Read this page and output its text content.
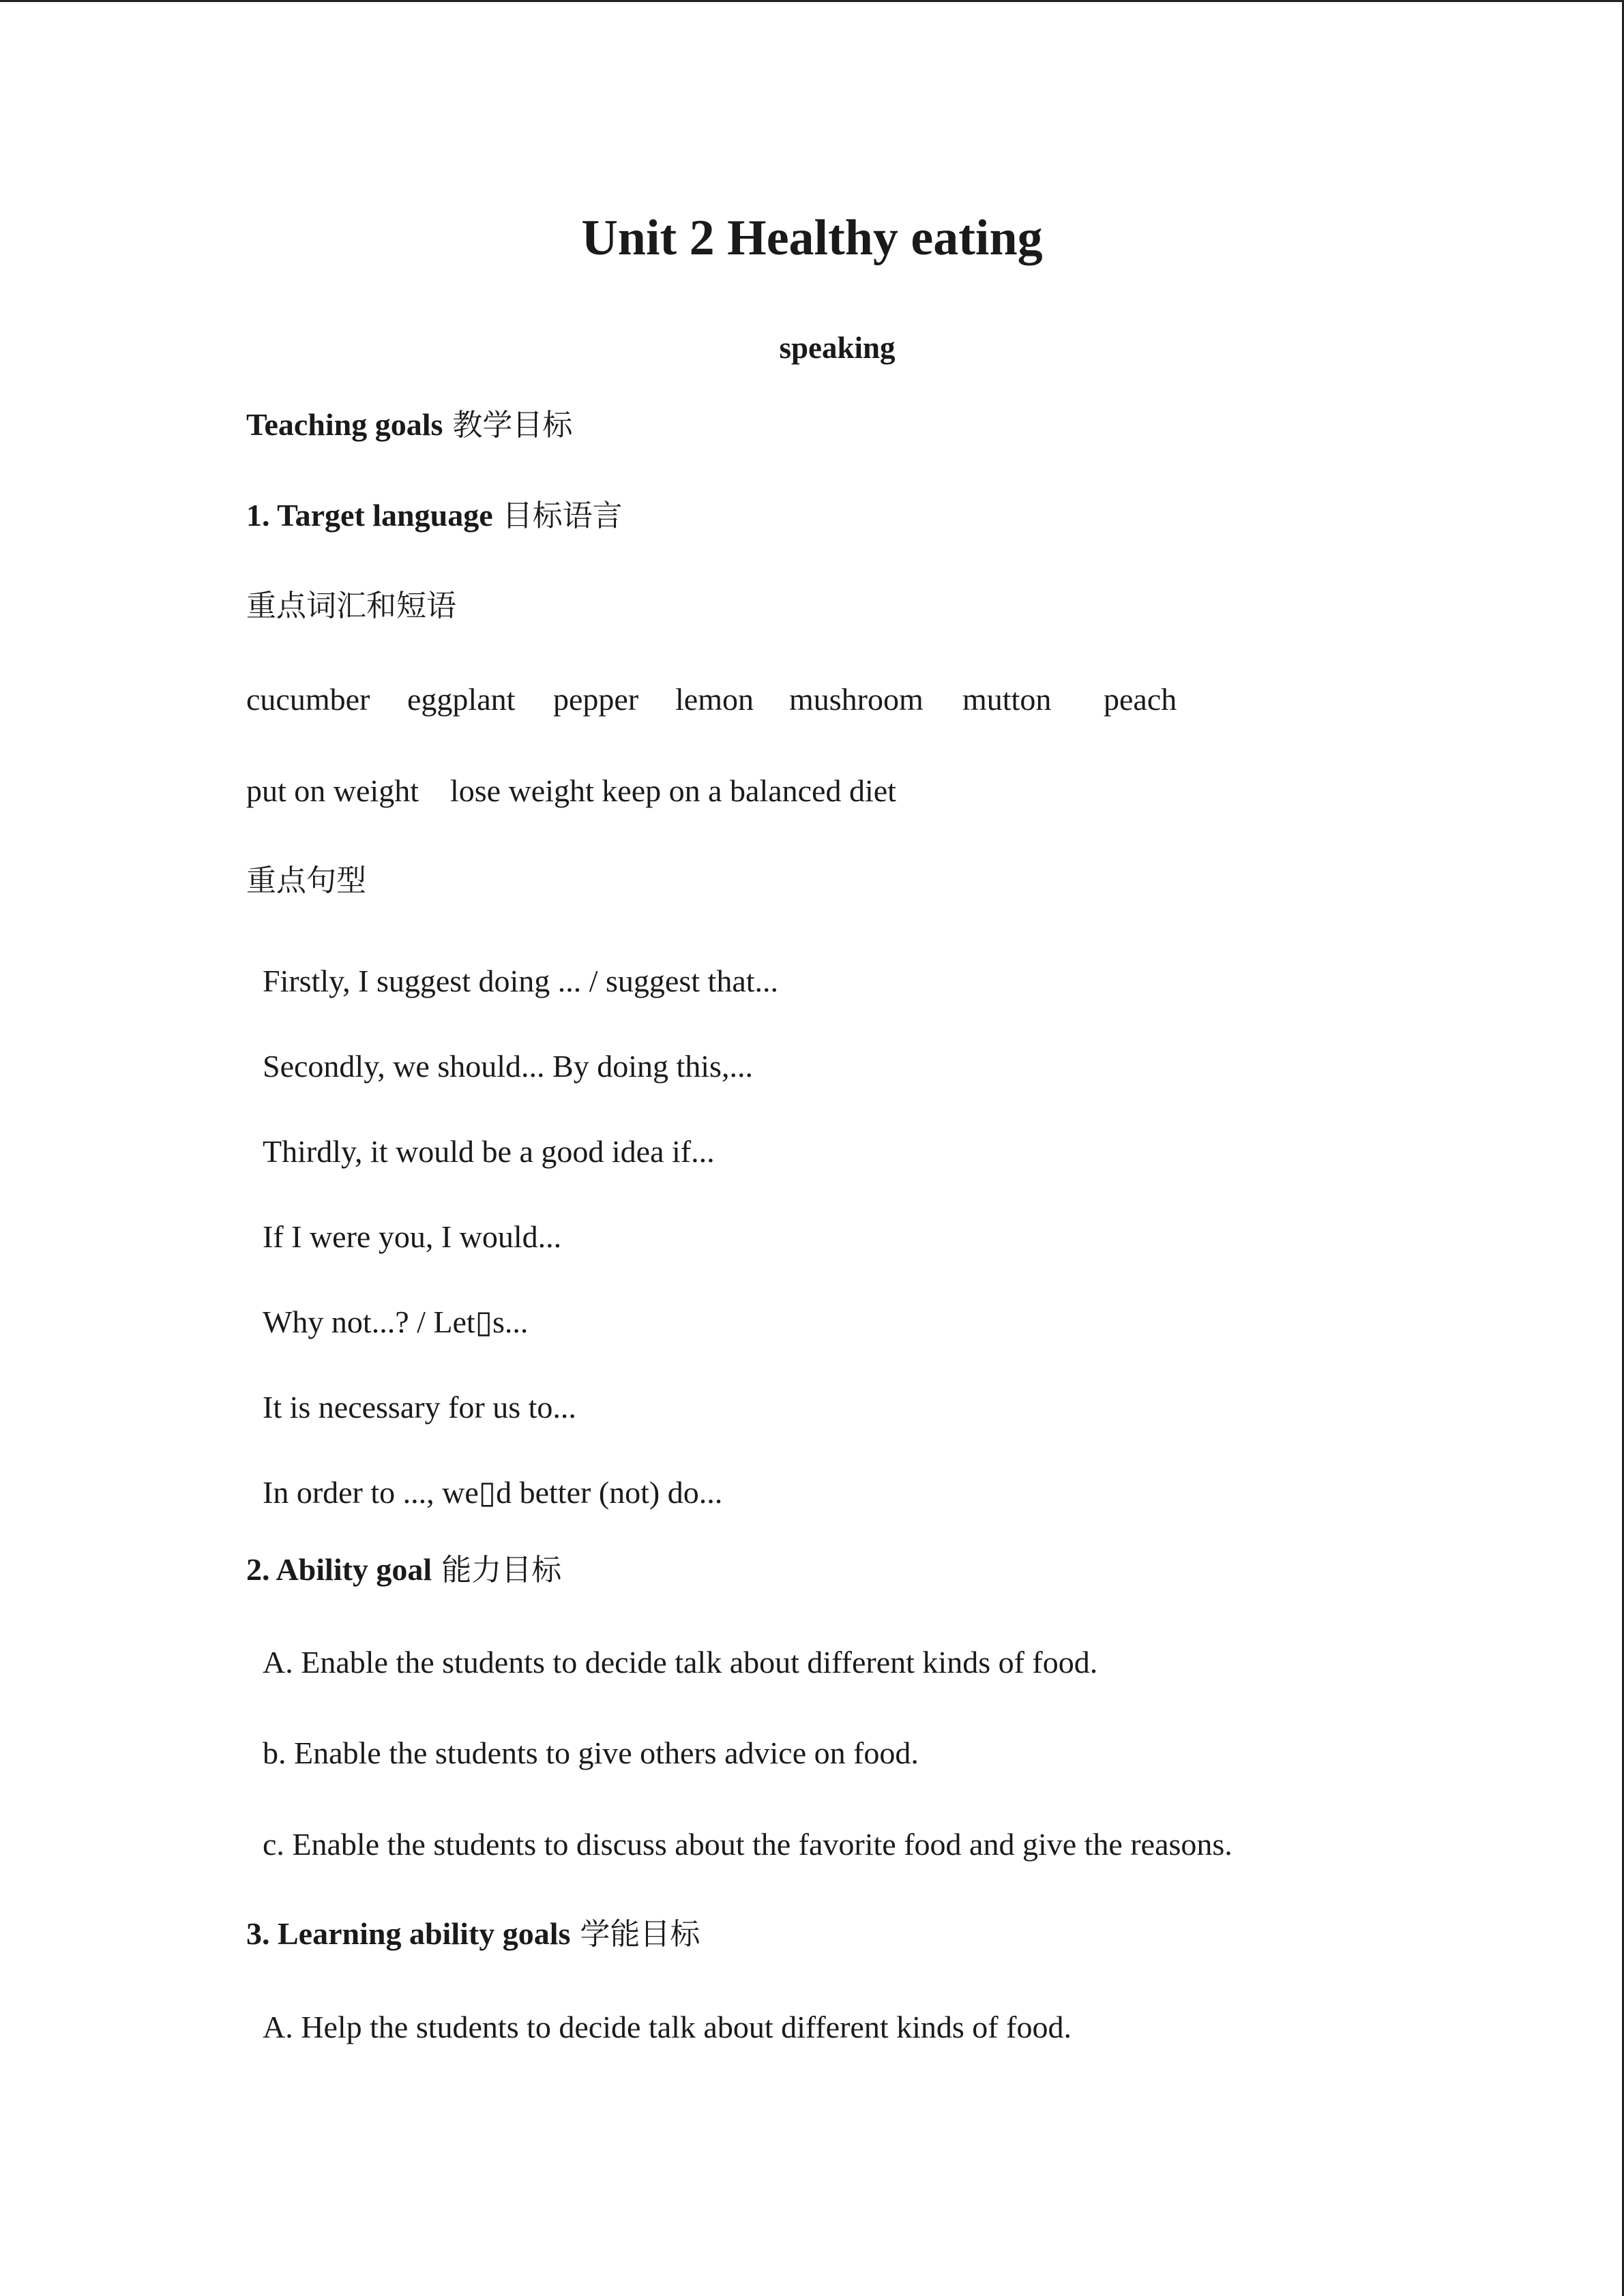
Unit 2 Healthy eating
speaking
Teaching goals 教学目标
1. Target language 目标语言
重点词汇和短语
cucumber eggplant pepper lemon mushroom mutton peach
put on weight    lose weight keep on a balanced diet
重点句型
Firstly, I suggest doing ... / suggest that...
Secondly, we should... By doing this,...
Thirdly, it would be a good idea if...
If I were you, I would...
Why not...? / Let▯s...
It is necessary for us to...
In order to ..., we▯d better (not) do...
2. Ability goal 能力目标
A. Enable the students to decide talk about different kinds of food.
b. Enable the students to give others advice on food.
c. Enable the students to discuss about the favorite food and give the reasons.
3. Learning ability goals 学能目标
A. Help the students to decide talk about different kinds of food.
